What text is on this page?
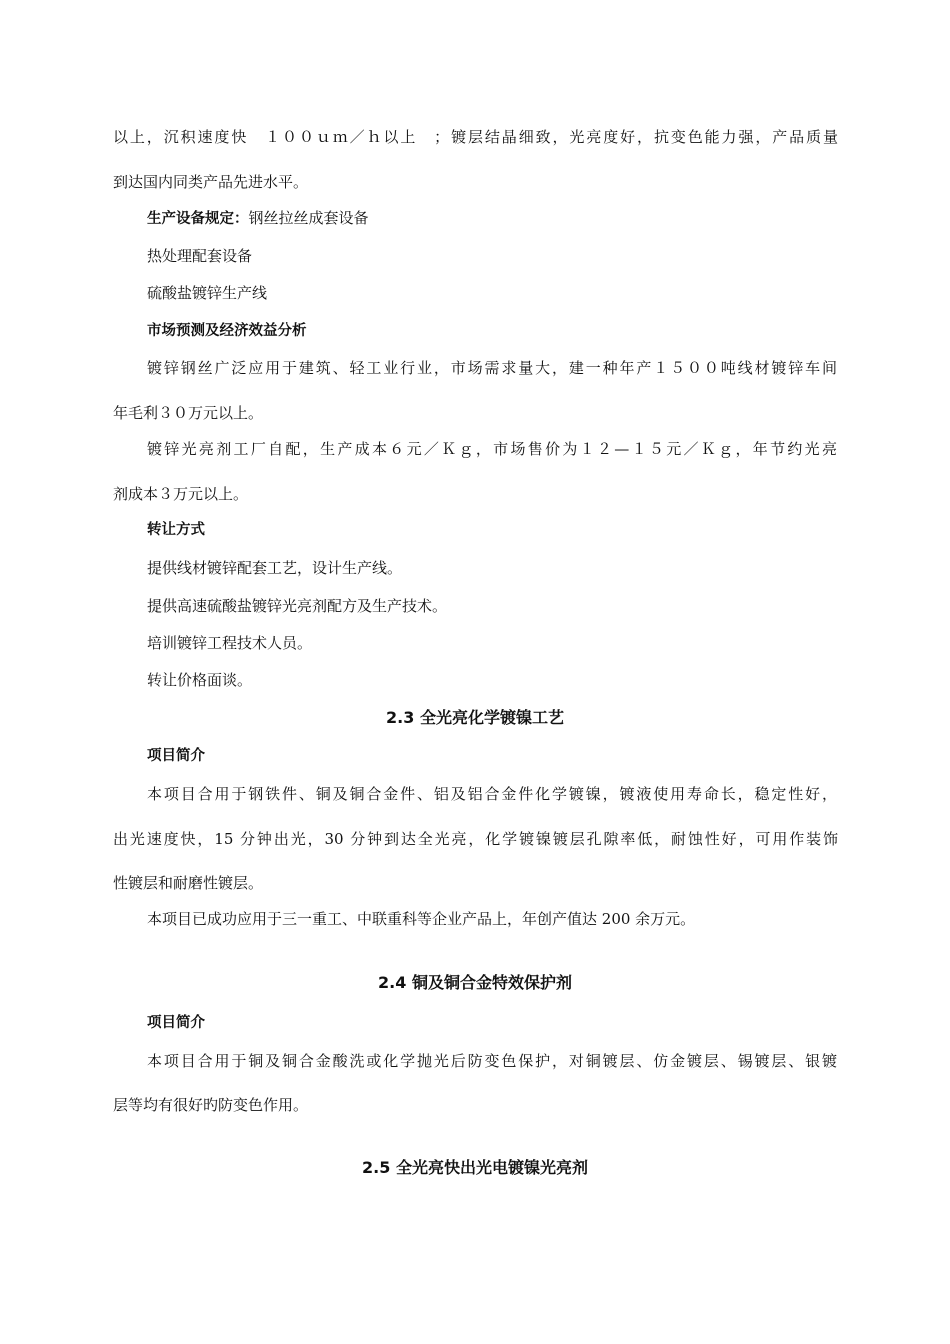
以上，沉积速度快　１００ｕｍ／ｈ以上　；镀层结晶细致，光亮度好，抗变色能力强，产品质量
到达国内同类产品先进水平。
生产设备规定：钢丝拉丝成套设备
热处理配套设备
硫酸盐镀锌生产线
市场预测及经济效益分析
镀锌钢丝广泛应用于建筑、轻工业行业，市场需求量大，建一种年产１５００吨线材镀锌车间
年毛利３０万元以上。
镀锌光亮剂工厂自配，生产成本６元／Ｋｇ，市场售价为１２—１５元／Ｋｇ，年节约光亮
剂成本３万元以上。
转让方式
提供线材镀锌配套工艺，设计生产线。
提供高速硫酸盐镀锌光亮剂配方及生产技术。
培训镀锌工程技术人员。
转让价格面谈。
2.3 全光亮化学镀镍工艺
项目简介
本项目合用于钢铁件、铜及铜合金件、铝及铝合金件化学镀镍，镀液使用寿命长，稳定性好，
出光速度快，15 分钟出光，30 分钟到达全光亮，化学镀镍镀层孔隙率低，耐蚀性好，可用作装饰
性镀层和耐磨性镀层。
本项目已成功应用于三一重工、中联重科等企业产品上，年创产值达 200 余万元。
2.4 铜及铜合金特效保护剂
项目简介
本项目合用于铜及铜合金酸洗或化学抛光后防变色保护，对铜镀层、仿金镀层、锡镀层、银镀
层等均有很好旳防变色作用。
2.5 全光亮快出光电镀镍光亮剂
